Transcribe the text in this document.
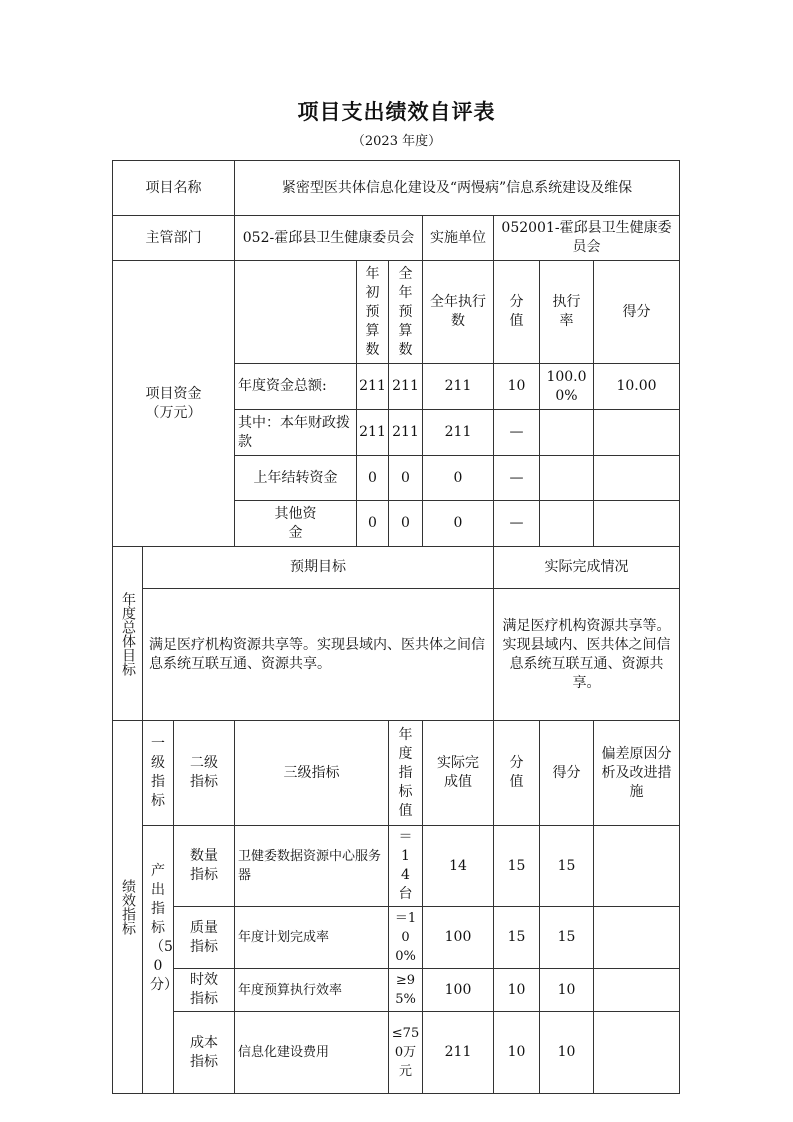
项目支出绩效自评表
（2023 年度）
项目名称			紧密型医共体信息化建设及“两慢病”信息系统建设及维保						
主管部门			052-霍邱县卫生健康委员会			实施单位	052001-霍邱县卫生健康委员会		

项目资金（万元）				年初预算数	全年预算数	全年执行数	分值	执行率	得分
			年度资金总额:	211	211	211	10	100.00%	10.00
			其中：本年财政拨款	211	211	211	—		
			上年结转资金	0	0	0	—		

			其他资金	0	0	0	—		

年度总体目标	预期目标						实际完成情况		
	满足医疗机构资源共享等。实现县域内、医共体之间信息系统互联互通、资源共享。						满足医疗机构资源共享等。实现县域内、医共体之间信息系统互联互通、资源共享。		

绩效指标	一级指标	二级指标	三级指标		年度指标值	实际完成值	分值	得分	偏差原因分析及改进措施

	产出指标（50分）	数量指标	卫健委数据资源中心服务器		＝14台	14	15	15	

		质量指标	年度计划完成率		＝100%	100	15	15	

		时效指标	年度预算执行效率		≥95%	100	10	10	

		成本指标	信息化建设费用		≤750万元	211	10	10	
